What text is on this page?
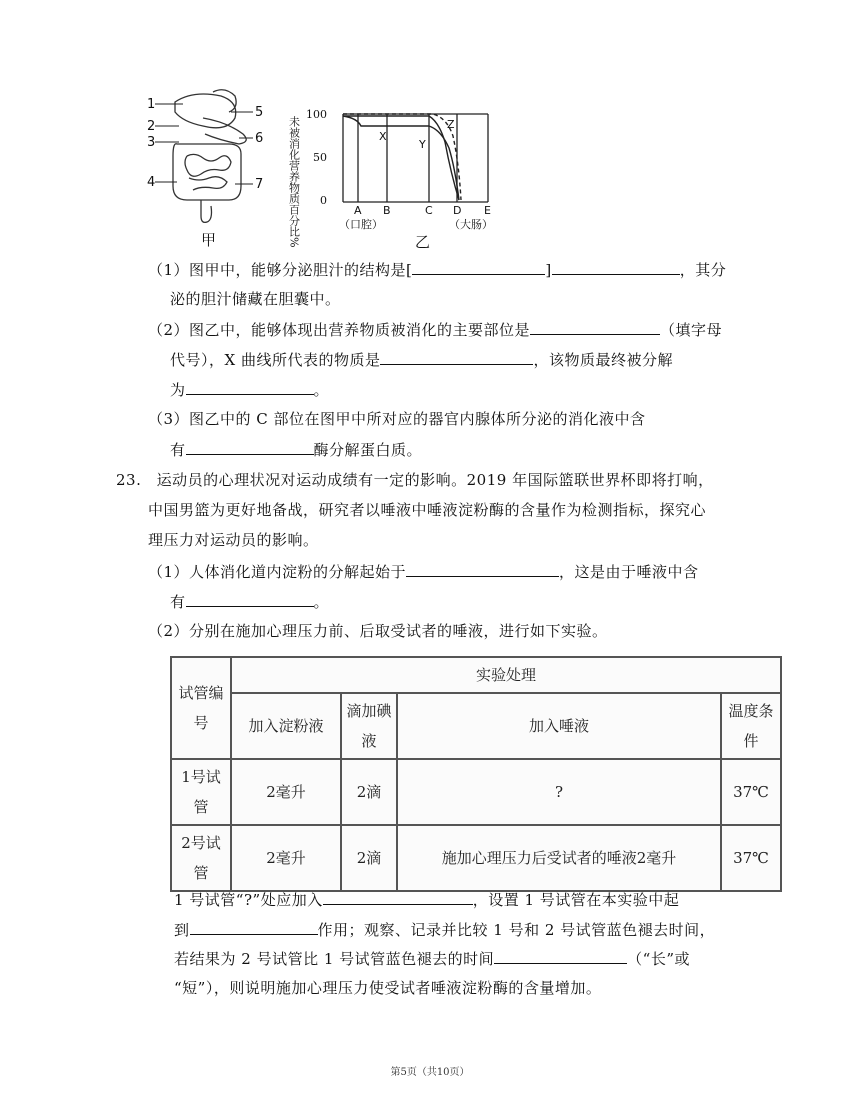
1
2
3
4
5
6
7
甲	未被消化营养物质百分比%
100
50
0
X
Y
Z
A B	C D E
（口腔）	（大肠）
乙
（1）图甲中，能够分泌胆汁的结构是[	]	，其分
泌的胆汁储藏在胆囊中。
（2）图乙中，能够体现出营养物质被消化的主要部位是	（填字母
代号），X 曲线所代表的物质是	，该物质最终被分解
为	。
（3）图乙中的 C 部位在图甲中所对应的器官内腺体所分泌的消化液中含
有	酶分解蛋白质。
23. 运动员的心理状况对运动成绩有一定的影响。2019 年国际篮联世界杯即将打响，
中国男篮为更好地备战，研究者以唾液中唾液淀粉酶的含量作为检测指标，探究心
理压力对运动员的影响。
（1）人体消化道内淀粉的分解起始于	，这是由于唾液中含
有	。
（2）分别在施加心理压力前、后取受试者的唾液，进行如下实验。
试管编号	实验处理			
	加入淀粉液	滴加碘液	加入唾液	温度条件
1号试管	2毫升	2滴	?	37℃
2号试管	2毫升	2滴	施加心理压力后受试者的唾液2毫升	37℃
1 号试管“?”处应加入	，设置 1 号试管在本实验中起
到	作用；观察、记录并比较 1 号和 2 号试管蓝色褪去时间，
若结果为 2 号试管比 1 号试管蓝色褪去的时间	（“长”或
“短”），则说明施加心理压力使受试者唾液淀粉酶的含量增加。
第5页（共10页）
